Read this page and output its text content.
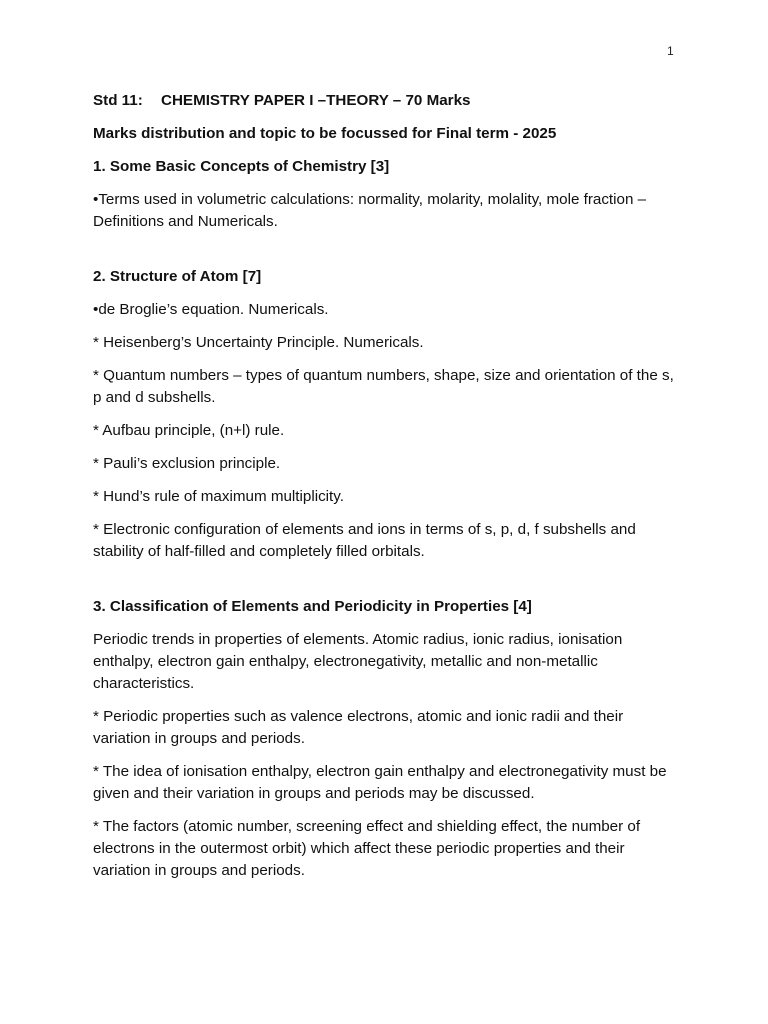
1

Std 11: CHEMISTRY PAPER I –THEORY – 70 Marks

Marks distribution and topic to be focussed for Final term - 2025

1. Some Basic Concepts of Chemistry [3]

•Terms used in volumetric calculations: normality, molarity, molality, mole fraction – Definitions and Numericals.

2. Structure of Atom [7]

•de Broglie’s equation. Numericals.

* Heisenberg’s Uncertainty Principle. Numericals.

* Quantum numbers – types of quantum numbers, shape, size and orientation of the s, p and d subshells.

* Aufbau principle, (n+l) rule.

* Pauli’s exclusion principle.

* Hund’s rule of maximum multiplicity.

* Electronic configuration of elements and ions in terms of s, p, d, f subshells and stability of half-filled and completely filled orbitals.

3. Classification of Elements and Periodicity in Properties [4]

Periodic trends in properties of elements. Atomic radius, ionic radius, ionisation enthalpy, electron gain enthalpy, electronegativity, metallic and non-metallic characteristics.

* Periodic properties such as valence electrons, atomic and ionic radii and their variation in groups and periods.

* The idea of ionisation enthalpy, electron gain enthalpy and electronegativity must be given and their variation in groups and periods may be discussed.

* The factors (atomic number, screening effect and shielding effect, the number of electrons in the outermost orbit) which affect these periodic properties and their variation in groups and periods.
